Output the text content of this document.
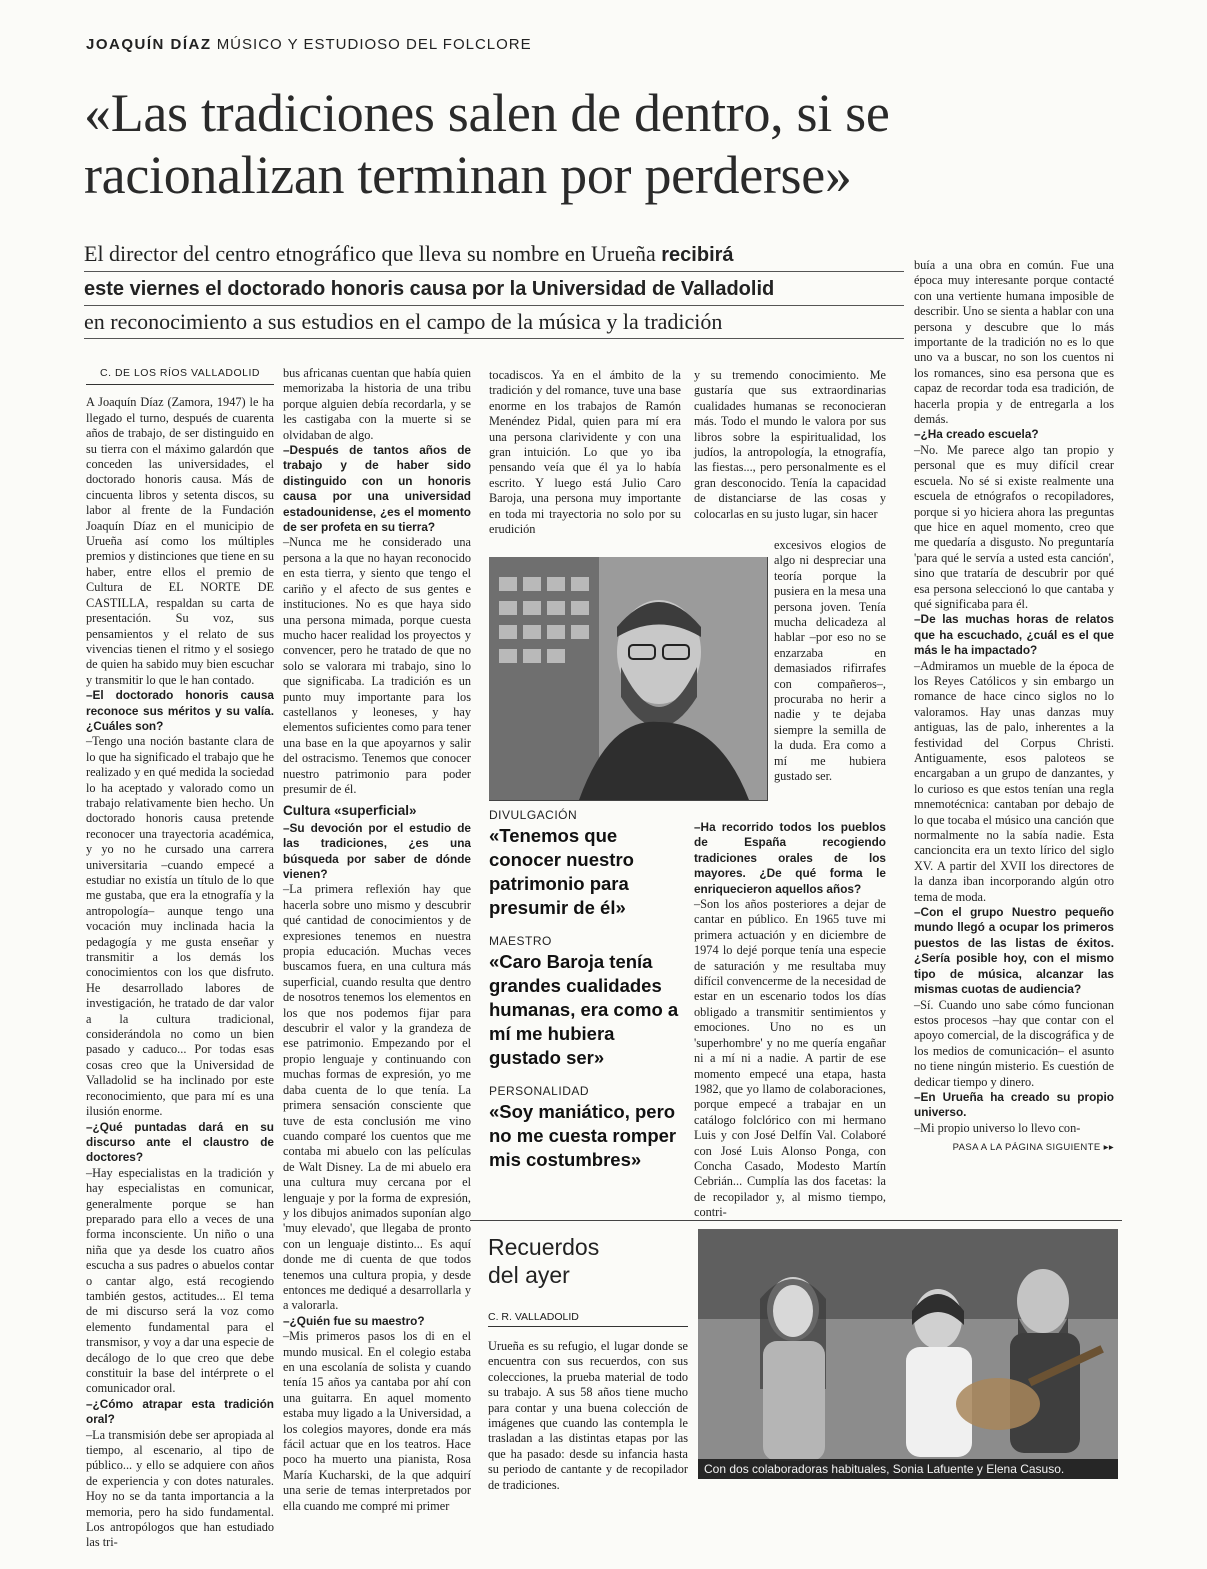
JOAQUÍN DÍAZ MÚSICO Y ESTUDIOSO DEL FOLCLORE
«Las tradiciones salen de dentro, si se
racionalizan terminan por perderse»
El director del centro etnográfico que lleva su nombre en Urueña recibirá
este viernes el doctorado honoris causa por la Universidad de Valladolid
en reconocimiento a sus estudios en el campo de la música y la tradición
C. DE LOS RÍOS VALLADOLID

A Joaquín Díaz (Zamora, 1947) le ha llegado el turno, después de cuarenta años de trabajo, de ser distinguido en su tierra con el máximo galardón que conceden las universidades, el doctorado honoris causa. Más de cincuenta libros y setenta discos, su labor al frente de la Fundación Joaquín Díaz en el municipio de Urueña así como los múltiples premios y distinciones que tiene en su haber, entre ellos el premio de Cultura de EL NORTE DE CASTILLA, respaldan su carta de presentación. Su voz, sus pensamientos y el relato de sus vivencias tienen el ritmo y el sosiego de quien ha sabido muy bien escuchar y transmitir lo que le han contado.

–El doctorado honoris causa reconoce sus méritos y su valía. ¿Cuáles son?

–Tengo una noción bastante clara de lo que ha significado el trabajo que he realizado y en qué medida la sociedad lo ha aceptado y valorado como un trabajo relativamente bien hecho. Un doctorado honoris causa pretende reconocer una trayectoria académica, y yo no he cursado una carrera universitaria –cuando empecé a estudiar no existía un título de lo que me gustaba, que era la etnografía y la antropología– aunque tengo una vocación muy inclinada hacia la pedagogía y me gusta enseñar y transmitir a los demás los conocimientos con los que disfruto. He desarrollado labores de investigación, he tratado de dar valor a la cultura tradicional, considerándola no como un bien pasado y caduco... Por todas esas cosas creo que la Universidad de Valladolid se ha inclinado por este reconocimiento, que para mí es una ilusión enorme.

–¿Qué puntadas dará en su discurso ante el claustro de doctores?

–Hay especialistas en la tradición y hay especialistas en comunicar, generalmente porque se han preparado para ello a veces de una forma inconsciente. Un niño o una niña que ya desde los cuatro años escucha a sus padres o abuelos contar o cantar algo, está recogiendo también gestos, actitudes... El tema de mi discurso será la voz como elemento fundamental para el transmisor, y voy a dar una especie de decálogo de lo que creo que debe constituir la base del intérprete o el comunicador oral.

–¿Cómo atrapar esta tradición oral?

–La transmisión debe ser apropiada al tiempo, al escenario, al tipo de público... y ello se adquiere con años de experiencia y con dotes naturales. Hoy no se da tanta importancia a la memoria, pero ha sido fundamental. Los antropólogos que han estudiado las tri-

bus africanas cuentan que había quien memorizaba la historia de una tribu porque alguien debía recordarla, y se les castigaba con la muerte si se olvidaban de algo.

–Después de tantos años de trabajo y de haber sido distinguido con un honoris causa por una universidad estadounidense, ¿es el momento de ser profeta en su tierra?

–Nunca me he considerado una persona a la que no hayan reconocido en esta tierra, y siento que tengo el cariño y el afecto de sus gentes e instituciones. No es que haya sido una persona mimada, porque cuesta mucho hacer realidad los proyectos y convencer, pero he tratado de que no solo se valorara mi trabajo, sino lo que significaba. La tradición es un punto muy importante para los castellanos y leoneses, y hay elementos suficientes como para tener una base en la que apoyarnos y salir del ostracismo. Tenemos que conocer nuestro patrimonio para poder presumir de él.

Cultura «superficial»

–Su devoción por el estudio de las tradiciones, ¿es una búsqueda por saber de dónde vienen?

–La primera reflexión hay que hacerla sobre uno mismo y descubrir qué cantidad de conocimientos y de expresiones tenemos en nuestra propia educación. Muchas veces buscamos fuera, en una cultura más superficial, cuando resulta que dentro de nosotros tenemos los elementos en los que nos podemos fijar para descubrir el valor y la grandeza de ese patrimonio. Empezando por el propio lenguaje y continuando con muchas formas de expresión, yo me daba cuenta de lo que tenía. La primera sensación consciente que tuve de esta conclusión me vino cuando comparé los cuentos que me contaba mi abuelo con las películas de Walt Disney. La de mi abuelo era una cultura muy cercana por el lenguaje y por la forma de expresión, y los dibujos animados suponían algo 'muy elevado', que llegaba de pronto con un lenguaje distinto... Es aquí donde me di cuenta de que todos tenemos una cultura propia, y desde entonces me dediqué a desarrollarla y a valorarla.

–¿Quién fue su maestro?

–Mis primeros pasos los di en el mundo musical. En el colegio estaba en una escolanía de solista y cuando tenía 15 años ya cantaba por ahí con una guitarra. En aquel momento estaba muy ligado a la Universidad, a los colegios mayores, donde era más fácil actuar que en los teatros. Hace poco ha muerto una pianista, Rosa María Kucharski, de la que adquirí una serie de temas interpretados por ella cuando me compré mi primer

tocadiscos. Ya en el ámbito de la tradición y del romance, tuve una base enorme en los trabajos de Ramón Menéndez Pidal, quien para mí era una persona clarividente y con una gran intuición. Lo que yo iba pensando veía que él ya lo había escrito. Y luego está Julio Caro Baroja, una persona muy importante en toda mi trayectoria no solo por su erudición

DIVULGACIÓN
«Tenemos que conocer nuestro patrimonio para presumir de él»
MAESTRO
«Caro Baroja tenía grandes cualidades humanas, era como a mí me hubiera gustado ser»
PERSONALIDAD
«Soy maniático, pero no me cuesta romper mis costumbres»

y su tremendo conocimiento. Me gustaría que sus extraordinarias cualidades humanas se reconocieran más. Todo el mundo le valora por sus libros sobre la espiritualidad, los judíos, la antropología, la etnografía, las fiestas..., pero personalmente es el gran desconocido. Tenía la capacidad de distanciarse de las cosas y colocarlas en su justo lugar, sin hacer

excesivos elogios de algo ni despreciar una teoría porque la pusiera en la mesa una persona joven. Tenía mucha delicadeza al hablar –por eso no se enzarzaba en demasiados rifirrafes con compañeros–, procuraba no herir a nadie y te dejaba siempre la semilla de la duda. Era como a mí me hubiera gustado ser.

–Ha recorrido todos los pueblos de España recogiendo tradiciones orales de los mayores. ¿De qué forma le enriquecieron aquellos años?

–Son los años posteriores a dejar de cantar en público. En 1965 tuve mi primera actuación y en diciembre de 1974 lo dejé porque tenía una especie de saturación y me resultaba muy difícil convencerme de la necesidad de estar en un escenario todos los días obligado a transmitir sentimientos y emociones. Uno no es un 'superhombre' y no me quería engañar ni a mí ni a nadie. A partir de ese momento empecé una etapa, hasta 1982, que yo llamo de colaboraciones, porque empecé a trabajar en un catálogo folclórico con mi hermano Luis y con José Delfín Val. Colaboré con José Luis Alonso Ponga, con Concha Casado, Modesto Martín Cebrián... Cumplía las dos facetas: la de recopilador y, al mismo tiempo, contri-

buía a una obra en común. Fue una época muy interesante porque contacté con una vertiente humana imposible de describir. Uno se sienta a hablar con una persona y descubre que lo más importante de la tradición no es lo que uno va a buscar, no son los cuentos ni los romances, sino esa persona que es capaz de recordar toda esa tradición, de hacerla propia y de entregarla a los demás.

–¿Ha creado escuela?

–No. Me parece algo tan propio y personal que es muy difícil crear escuela. No sé si existe realmente una escuela de etnógrafos o recopiladores, porque si yo hiciera ahora las preguntas que hice en aquel momento, creo que me quedaría a disgusto. No preguntaría 'para qué le servía a usted esta canción', sino que trataría de descubrir por qué esa persona seleccionó lo que cantaba y qué significaba para él.

–De las muchas horas de relatos que ha escuchado, ¿cuál es el que más le ha impactado?

–Admiramos un mueble de la época de los Reyes Católicos y sin embargo un romance de hace cinco siglos no lo valoramos. Hay unas danzas muy antiguas, las de palo, inherentes a la festividad del Corpus Christi. Antiguamente, esos paloteos se encargaban a un grupo de danzantes, y lo curioso es que estos tenían una regla mnemotécnica: cantaban por debajo de lo que tocaba el músico una canción que normalmente no la sabía nadie. Esta cancioncita era un texto lírico del siglo XV. A partir del XVII los directores de la danza iban incorporando algún otro tema de moda.

–Con el grupo Nuestro pequeño mundo llegó a ocupar los primeros puestos de las listas de éxitos. ¿Sería posible hoy, con el mismo tipo de música, alcanzar las mismas cuotas de audiencia?

–Sí. Cuando uno sabe cómo funcionan estos procesos –hay que contar con el apoyo comercial, de la discográfica y de los medios de comunicación– el asunto no tiene ningún misterio. Es cuestión de dedicar tiempo y dinero.

–En Urueña ha creado su propio universo.

–Mi propio universo lo llevo con-

PASA A LA PÁGINA SIGUIENTE ▸▸
Recuerdos
del ayer
C. R. VALLADOLID
Urueña es su refugio, el lugar donde se encuentra con sus recuerdos, con sus colecciones, la prueba material de todo su trabajo. A sus 58 años tiene mucho para contar y una buena colección de imágenes que cuando las contempla le trasladan a las distintas etapas por las que ha pasado: desde su infancia hasta su periodo de cantante y de recopilador de tradiciones.
Con dos colaboradoras habituales, Sonia Lafuente y Elena Casuso.
